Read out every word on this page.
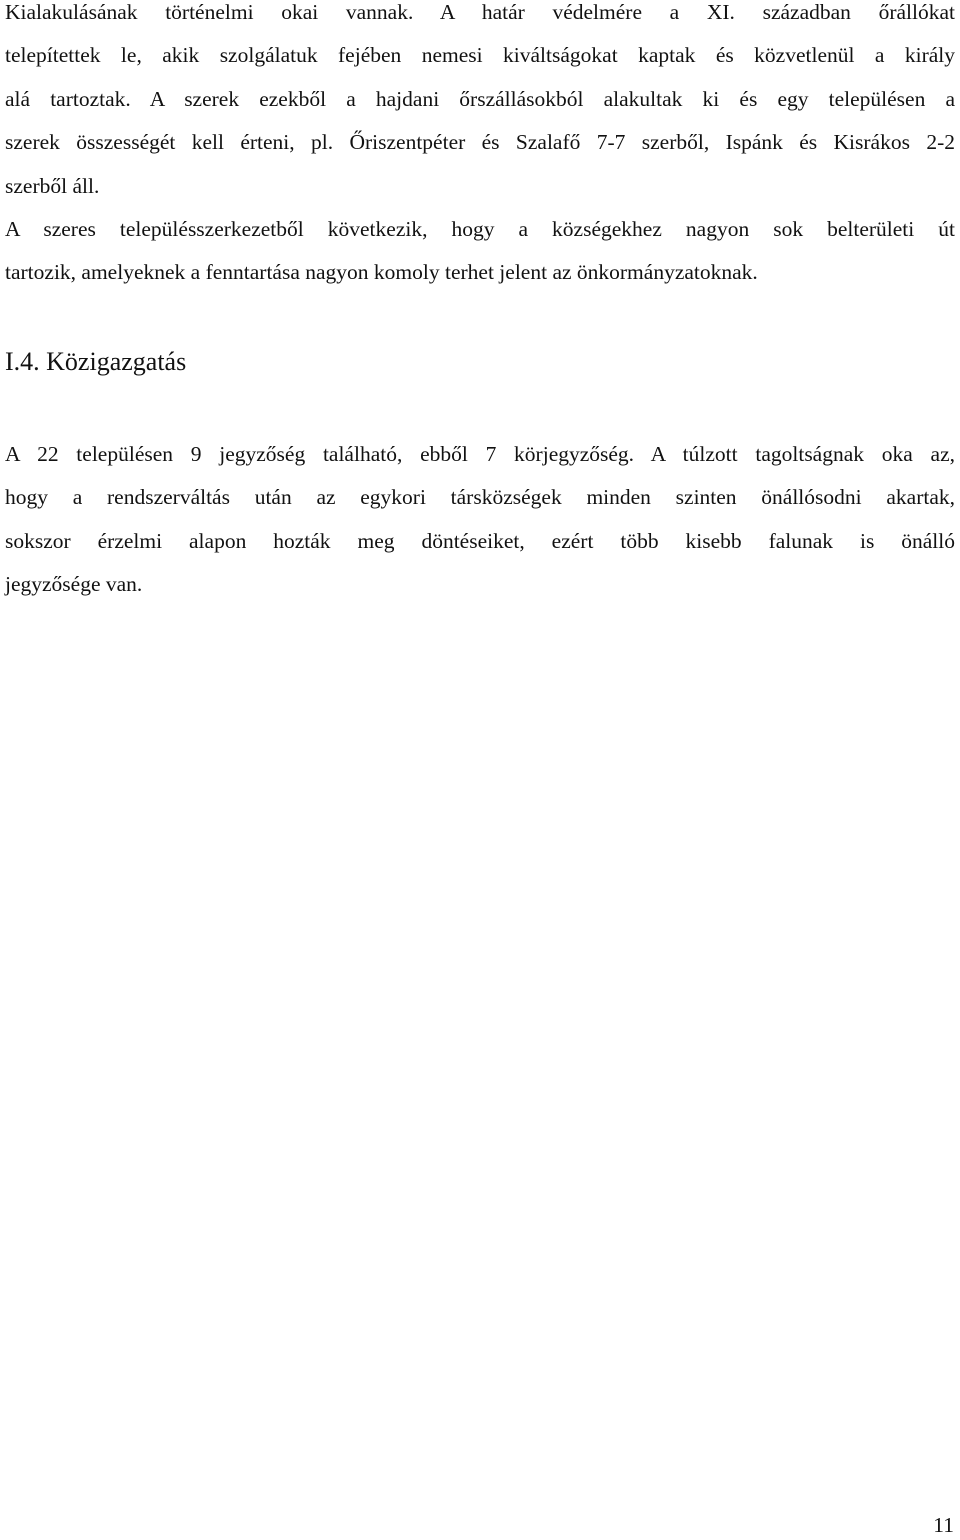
Kialakulásának történelmi okai vannak. A határ védelmére a XI. században őrállókat
telepítettek le, akik szolgálatuk fejében nemesi kiváltságokat kaptak és közvetlenül a király
alá tartoztak. A szerek ezekből a hajdani őrszállásokból alakultak ki és egy településen a
szerek összességét kell érteni, pl. Őriszentpéter és Szalafő 7-7 szerből, Ispánk és Kisrákos 2-2
szerből áll.
A szeres településszerkezetből következik, hogy a községekhez nagyon sok belterületi út
tartozik, amelyeknek a fenntartása nagyon komoly terhet jelent az önkormányzatoknak.
I.4. Közigazgatás
A 22 településen 9 jegyzőség található, ebből 7 körjegyzőség. A túlzott tagoltságnak oka az,
hogy a rendszerváltás után az egykori társközségek minden szinten önállósodni akartak,
sokszor érzelmi alapon hozták meg döntéseiket, ezért több kisebb falunak is önálló
jegyzősége van.
11
